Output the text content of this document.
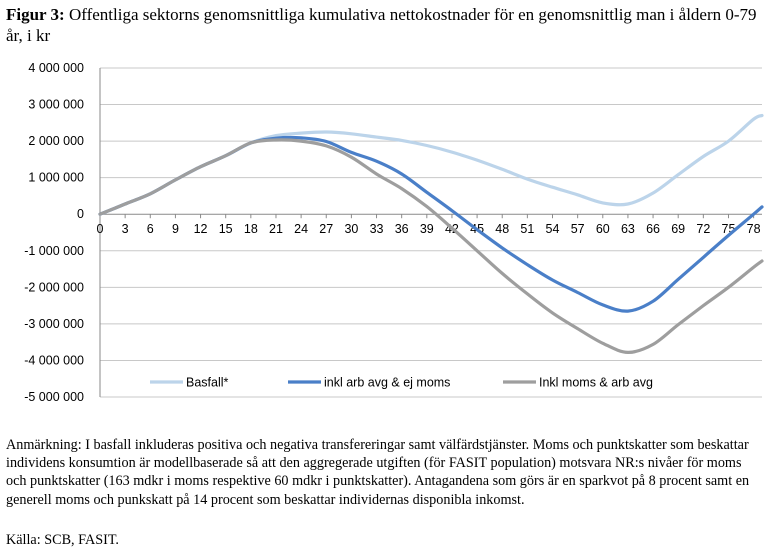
Figur 3: Offentliga sektorns genomsnittliga kumulativa nettokostnader för en genomsnittlig man i åldern 0-79 år, i kr
4 000 000
3 000 000
2 000 000
1 000 000
0
-1 000 000
-2 000 000
-3 000 000
-4 000 000
-5 000 000
0 3 6 9 12 15 18 21 24 27 30 33 36 39 42 45 48 51 54 57 60 63 66 69 72 75 78
Basfall*	inkl arb avg & ej moms	Inkl moms & arb avg
Anmärkning: I basfall inkluderas positiva och negativa transfereringar samt välfärdstjänster. Moms och punktskatter som beskattar individens konsumtion är modellbaserade så att den aggregerade utgiften (för FASIT population) motsvara NR:s nivåer för moms och punktskatter (163 mdkr i moms respektive 60 mdkr i punktskatter). Antagandena som görs är en sparkvot på 8 procent samt en generell moms och punkskatt på 14 procent som beskattar individernas disponibla inkomst.
Källa: SCB, FASIT.
